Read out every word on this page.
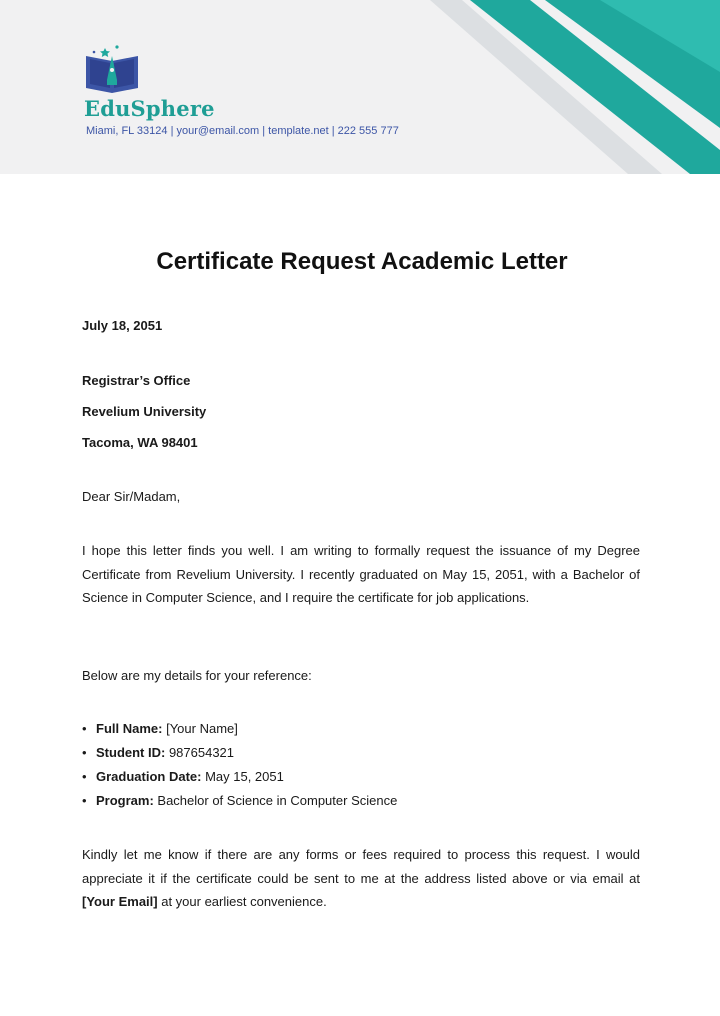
EduSphere
Miami, FL 33124 | your@email.com | template.net | 222 555 777
Certificate Request Academic Letter
July 18, 2051
Registrar’s Office
Revelium University
Tacoma, WA 98401
Dear Sir/Madam,

I hope this letter finds you well. I am writing to formally request the issuance of my Degree Certificate from Revelium University. I recently graduated on May 15, 2051, with a Bachelor of Science in Computer Science, and I require the certificate for job applications.

Below are my details for your reference:
• Full Name: [Your Name]
• Student ID: 987654321
• Graduation Date: May 15, 2051
• Program: Bachelor of Science in Computer Science

Kindly let me know if there are any forms or fees required to process this request. I would appreciate it if the certificate could be sent to me at the address listed above or via email at [Your Email] at your earliest convenience.
